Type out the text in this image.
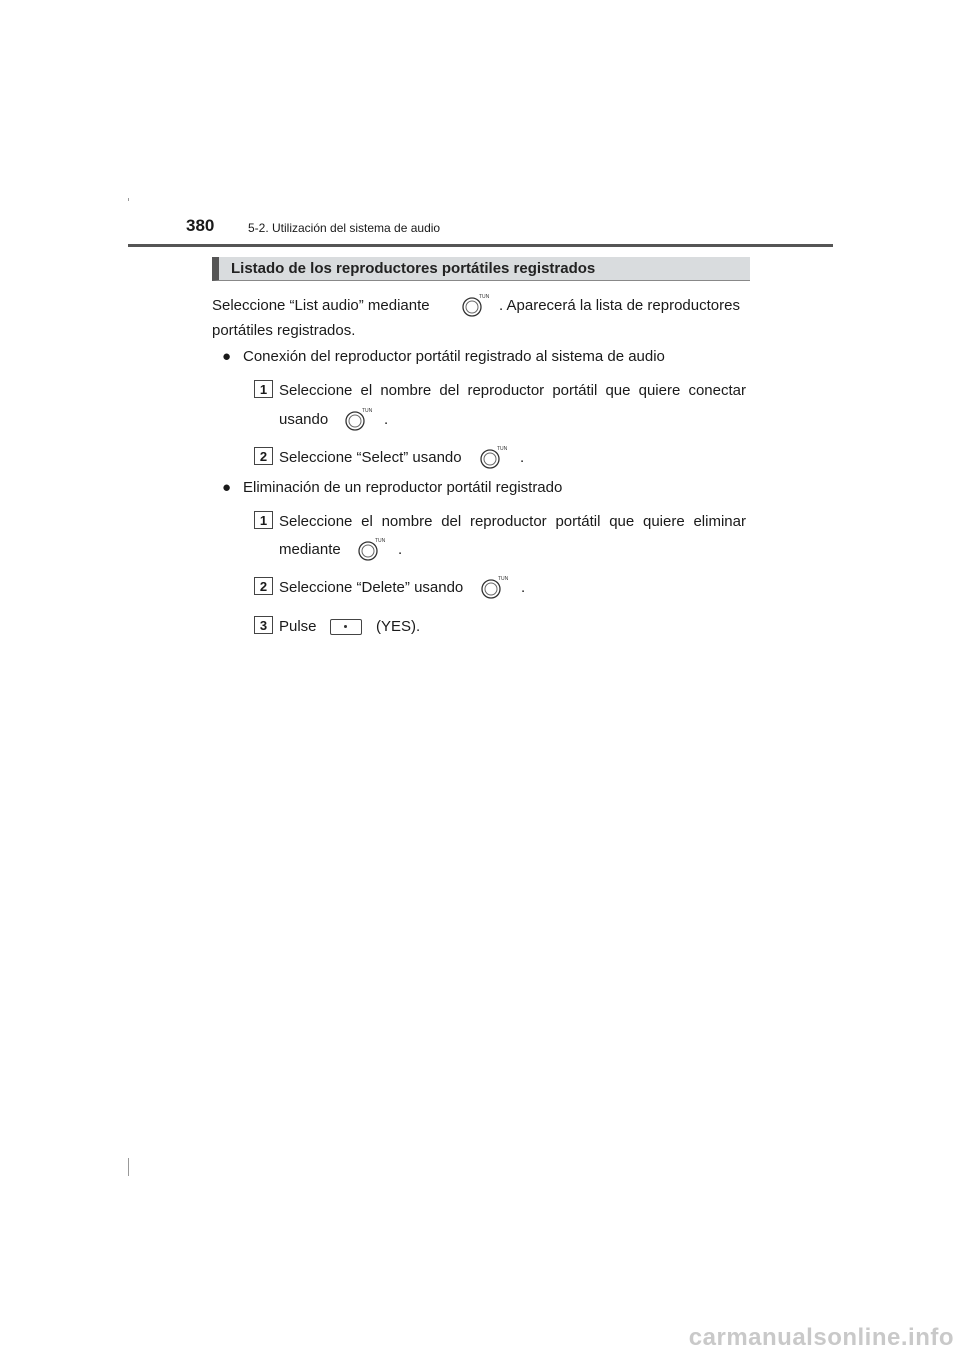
380	5-2. Utilización del sistema de audio
Listado de los reproductores portátiles registrados
Seleccione “List audio” mediante	. Aparecerá la lista de reproductores
portátiles registrados.
● Conexión del reproductor portátil registrado al sistema de audio
1 Seleccione el nombre del reproductor portátil que quiere conectar
usando	.
2 Seleccione “Select” usando	.
● Eliminación de un reproductor portátil registrado
1 Seleccione el nombre del reproductor portátil que quiere eliminar
mediante	.
2 Seleccione “Delete” usando	.
3 Pulse	(YES).
carmanualsonline.info
